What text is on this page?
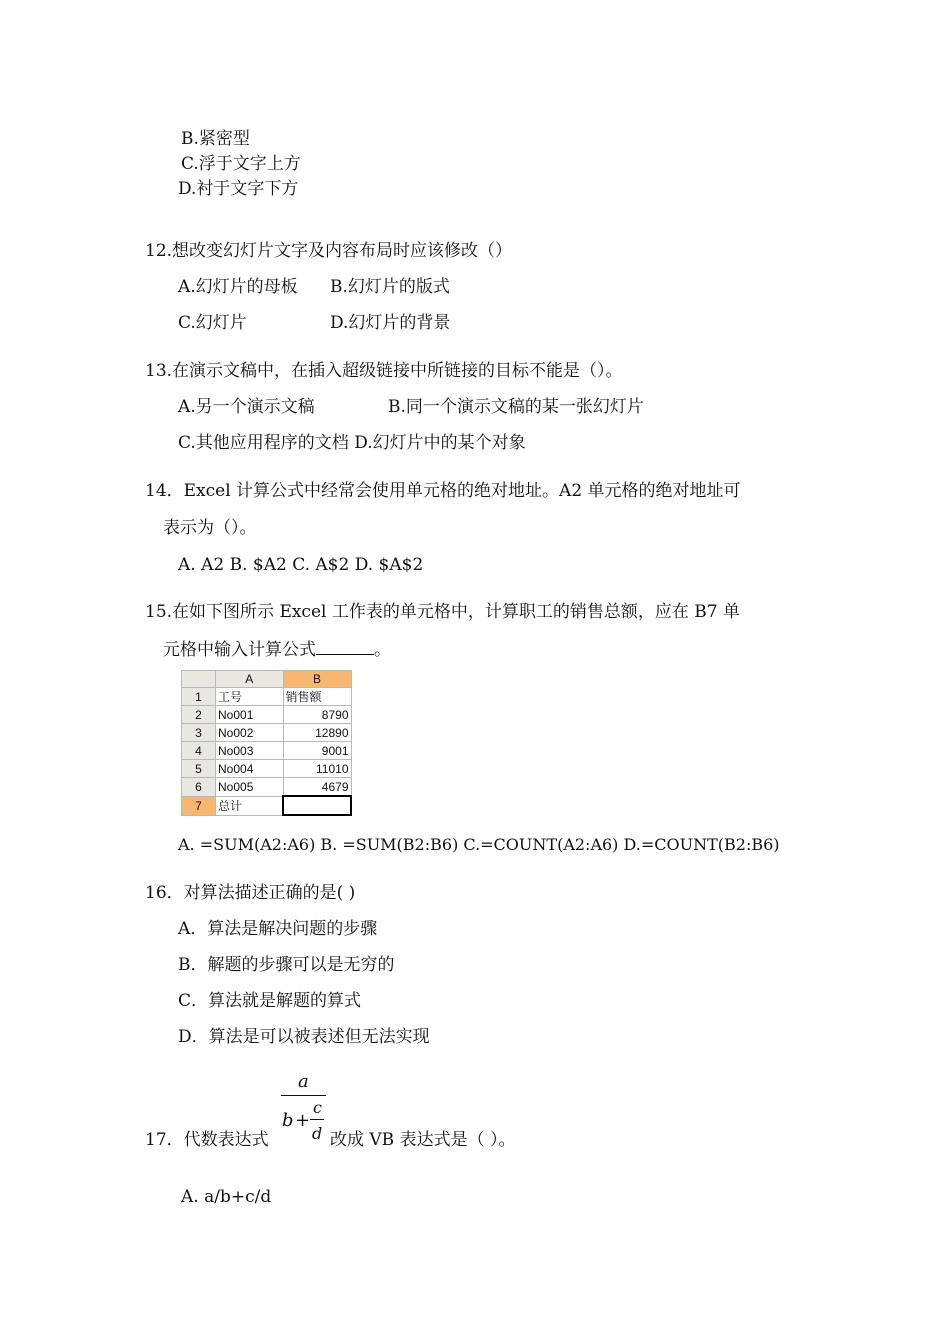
B.紧密型
C.浮于文字上方
D.衬于文字下方
12.想改变幻灯片文字及内容布局时应该修改（）
A.幻灯片的母板 B.幻灯片的版式
C.幻灯片	D.幻灯片的背景
13.在演示文稿中，在插入超级链接中所链接的目标不能是（）。
A.另一个演示文稿	B.同一个演示文稿的某一张幻灯片
C.其他应用程序的文档 D.幻灯片中的某个对象
14．Excel 计算公式中经常会使用单元格的绝对地址。A2 单元格的绝对地址可
表示为（）。
A. A2 B. $A2 C. A$2 D. $A$2
15.在如下图所示 Excel 工作表的单元格中，计算职工的销售总额，应在 B7 单
元格中输入计算公式	。
	A	B
1	工号	销售额
2	No001	8790
3	No002	12890
4	No003	9001
5	No004	11010
6	No005	4679
7	总计	
A. =SUM(A2:A6) B. =SUM(B2:B6) C.=COUNT(A2:A6) D.=COUNT(B2:B6)
16．对算法描述正确的是( )
A．算法是解决问题的步骤
B．解题的步骤可以是无穷的
C．算法就是解题的算式
D．算法是可以被表述但无法实现
17．代数表达式
a
b +
c
d 改成 VB 表达式是（ ）。
A. a/b+c/d
